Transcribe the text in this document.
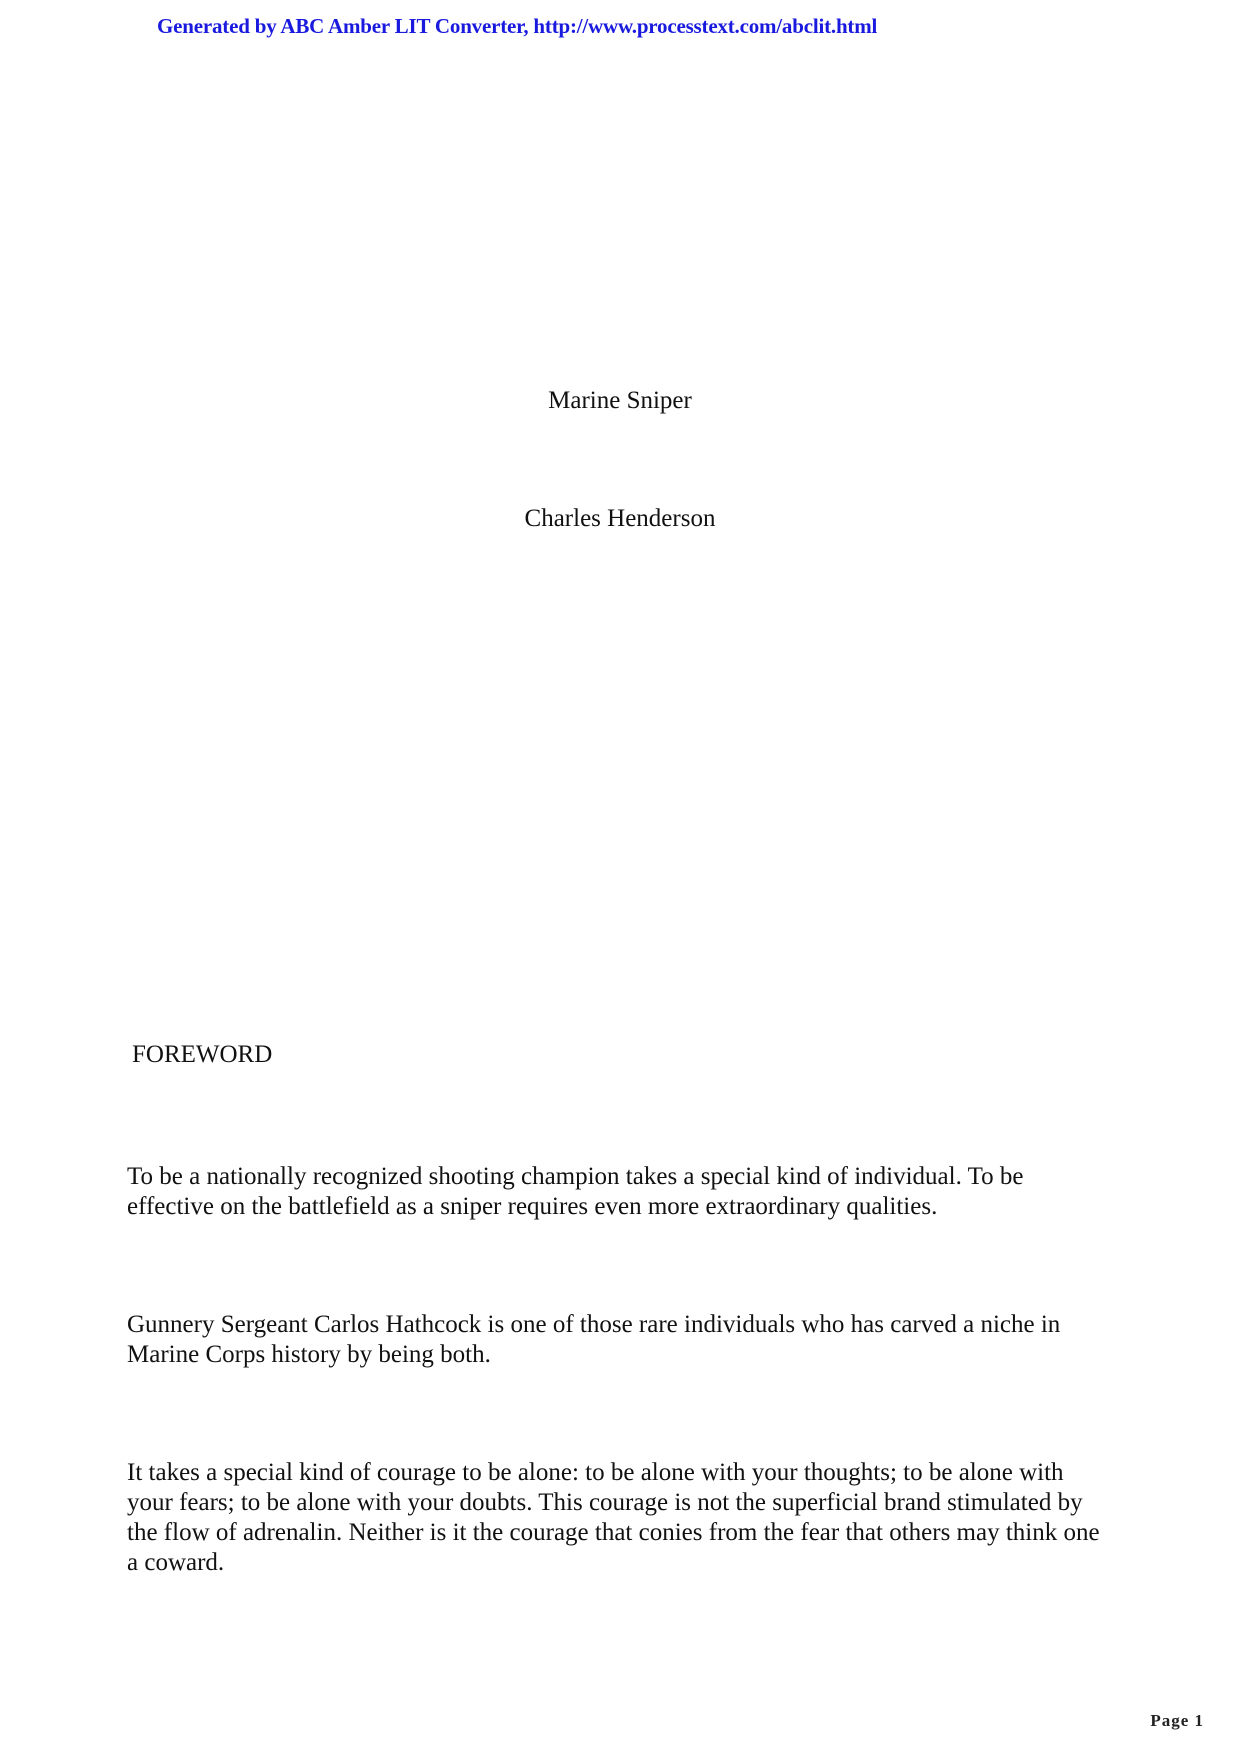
Generated by ABC Amber LIT Converter, http://www.processtext.com/abclit.html
Marine Sniper
Charles Henderson
FOREWORD

To be a nationally recognized shooting champion takes a special kind of individual. To be effective on the battlefield as a sniper requires even more extraordinary qualities.

Gunnery Sergeant Carlos Hathcock is one of those rare individuals who has carved a niche in Marine Corps history by being both.

It takes a special kind of courage to be alone: to be alone with your thoughts; to be alone with your fears; to be alone with your doubts. This courage is not the superficial brand stimulated by the flow of adrenalin. Neither is it the courage that conies from the fear that others may think one a coward.

Page 1
